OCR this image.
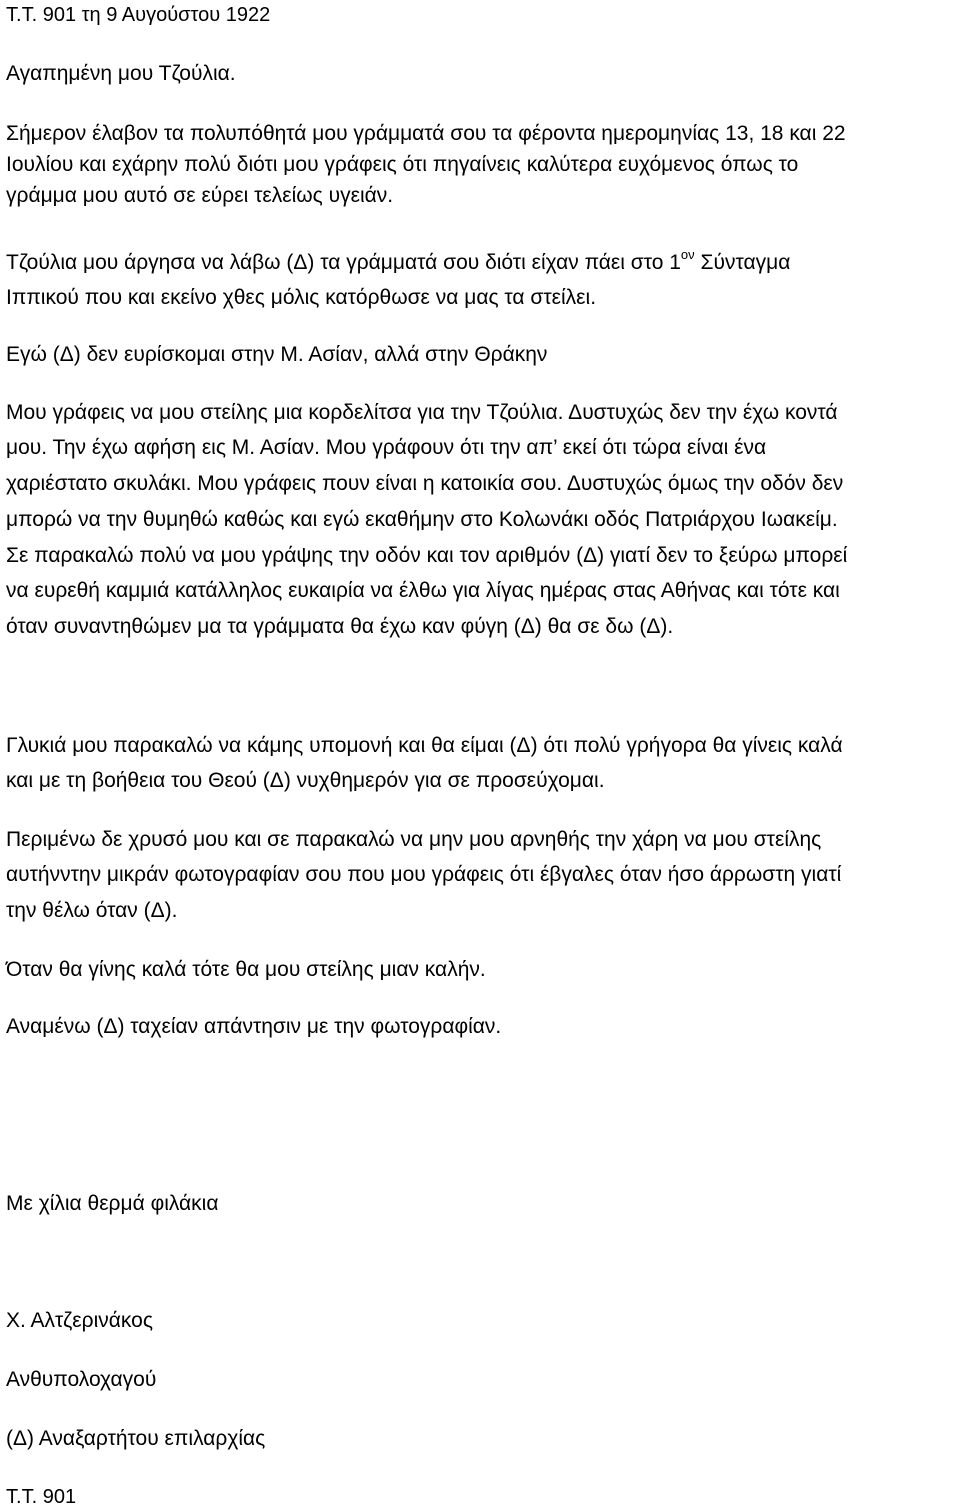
Τ.Τ. 901 τη 9 Αυγούστου 1922
Αγαπημένη μου Τζούλια.
Σήμερον έλαβον τα πολυπόθητά μου γράμματά σου τα φέροντα ημερομηνίας 13, 18 και 22
Ιουλίου και εχάρην πολύ διότι μου γράφεις ότι πηγαίνεις καλύτερα ευχόμενος όπως το
γράμμα μου αυτό σε εύρει τελείως υγειάν.
Τζούλια μου άργησα να λάβω (Δ) τα γράμματά σου διότι είχαν πάει στο $1^{o\nu}$ Σύνταγμα
Ιππικού που και εκείνο χθες μόλις κατόρθωσε να μας τα στείλει.
Εγώ (Δ) δεν ευρίσκομαι στην Μ. Ασίαν, αλλά στην Θράκην
Μου γράφεις να μου στείλης μια κορδελίτσα για την Τζούλια. Δυστυχώς δεν την έχω κοντά
μου. Την έχω αφήση εις Μ. Ασίαν. Μου γράφουν ότι την απ’ εκεί ότι τώρα είναι ένα
χαριέστατο σκυλάκι. Μου γράφεις πουν είναι η κατοικία σου. Δυστυχώς όμως την οδόν δεν
μπορώ να την θυμηθώ καθώς και εγώ εκαθήμην στο Κολωνάκι οδός Πατριάρχου Ιωακείμ.
Σε παρακαλώ πολύ να μου γράψης την οδόν και τον αριθμόν (Δ) γιατί δεν το ξεύρω μπορεί
να ευρεθή καμμιά κατάλληλος ευκαιρία να έλθω για λίγας ημέρας στας Αθήνας και τότε και
όταν συναντηθώμεν μα τα γράμματα θα έχω καν φύγη (Δ) θα σε δω (Δ).
Γλυκιά μου παρακαλώ να κάμης υπομονή και θα είμαι (Δ) ότι πολύ γρήγορα θα γίνεις καλά
και με τη βοήθεια του Θεού (Δ) νυχθημερόν για σε προσεύχομαι.
Περιμένω δε χρυσό μου και σε παρακαλώ να μην μου αρνηθής την χάρη να μου στείλης
αυτήνντην μικράν φωτογραφίαν σου που μου γράφεις ότι έβγαλες όταν ήσο άρρωστη γιατί
την θέλω όταν (Δ).
Όταν θα γίνης καλά τότε θα μου στείλης μιαν καλήν.
Αναμένω (Δ) ταχείαν απάντησιν με την φωτογραφίαν.
Με χίλια θερμά φιλάκια
Χ. Αλτζερινάκος
Ανθυπολοχαγού
(Δ) Αναξαρτήτου επιλαρχίας
Τ.Τ. 901
